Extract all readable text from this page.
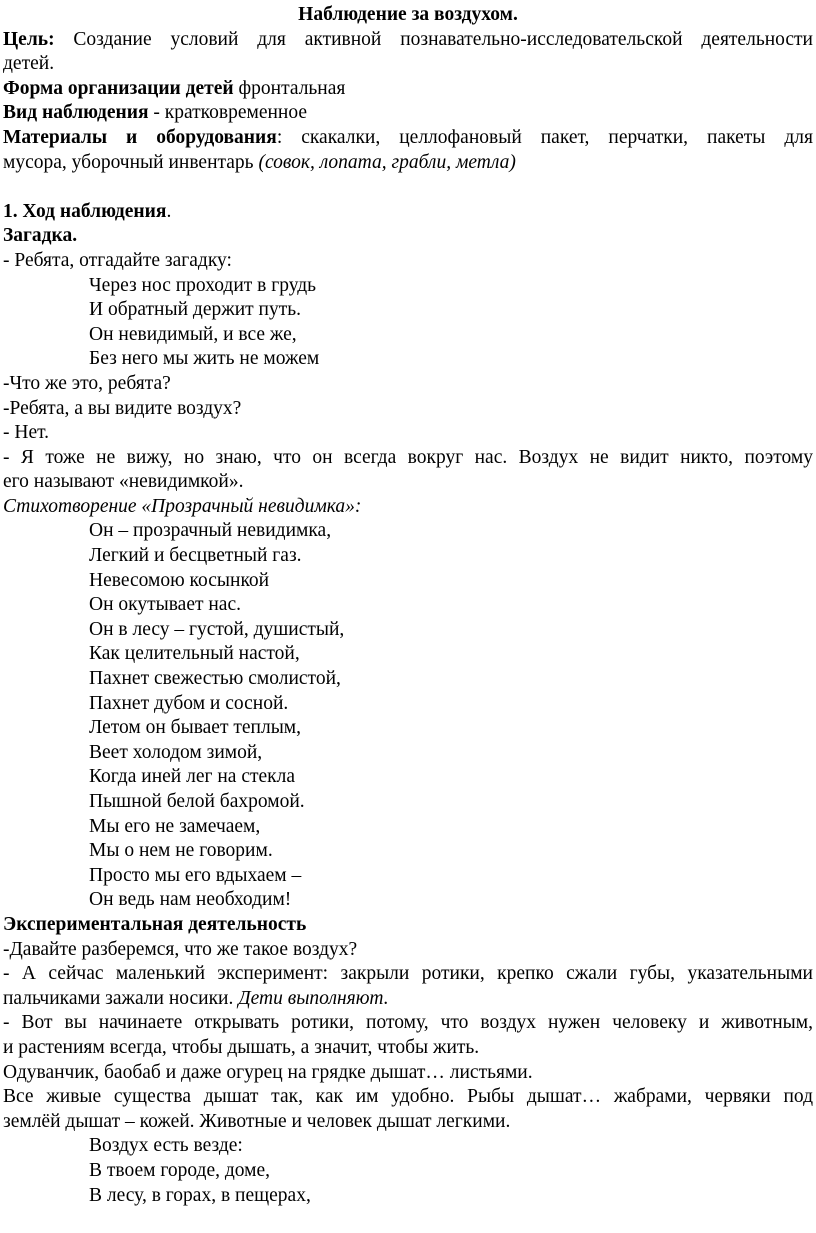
Наблюдение за воздухом.
Цель: Создание условий для активной познавательно-исследовательской деятельности
детей.
Форма организации детей фронтальная
Вид наблюдения - кратковременное
Материалы и оборудования: скакалки, целлофановый пакет, перчатки, пакеты для
мусора, уборочный инвентарь (совок, лопата, грабли, метла)
1. Ход наблюдения.
Загадка.
- Ребята, отгадайте загадку:
Через нос проходит в грудь
И обратный держит путь.
Он невидимый, и все же,
Без него мы жить не можем
-Что же это, ребята?
-Ребята, а вы видите воздух?
- Нет.
- Я тоже не вижу, но знаю, что он всегда вокруг нас. Воздух не видит никто, поэтому
его называют «невидимкой».
Стихотворение «Прозрачный невидимка»:
Он – прозрачный невидимка,
Легкий и бесцветный газ.
Невесомою косынкой
Он окутывает нас.
Он в лесу – густой, душистый,
Как целительный настой,
Пахнет свежестью смолистой,
Пахнет дубом и сосной.
Летом он бывает теплым,
Веет холодом зимой,
Когда иней лег на стекла
Пышной белой бахромой.
Мы его не замечаем,
Мы о нем не говорим.
Просто мы его вдыхаем –
Он ведь нам необходим!
Экспериментальная деятельность
-Давайте разберемся, что же такое воздух?
- А сейчас маленький эксперимент: закрыли ротики, крепко сжали губы, указательными
пальчиками зажали носики. Дети выполняют.
- Вот вы начинаете открывать ротики, потому, что воздух нужен человеку и животным,
и растениям всегда, чтобы дышать, а значит, чтобы жить.
Одуванчик, баобаб и даже огурец на грядке дышат… листьями.
Все живые существа дышат так, как им удобно. Рыбы дышат… жабрами, червяки под
землёй дышат – кожей. Животные и человек дышат легкими.
Воздух есть везде:
В твоем городе, доме,
В лесу, в горах, в пещерах,
